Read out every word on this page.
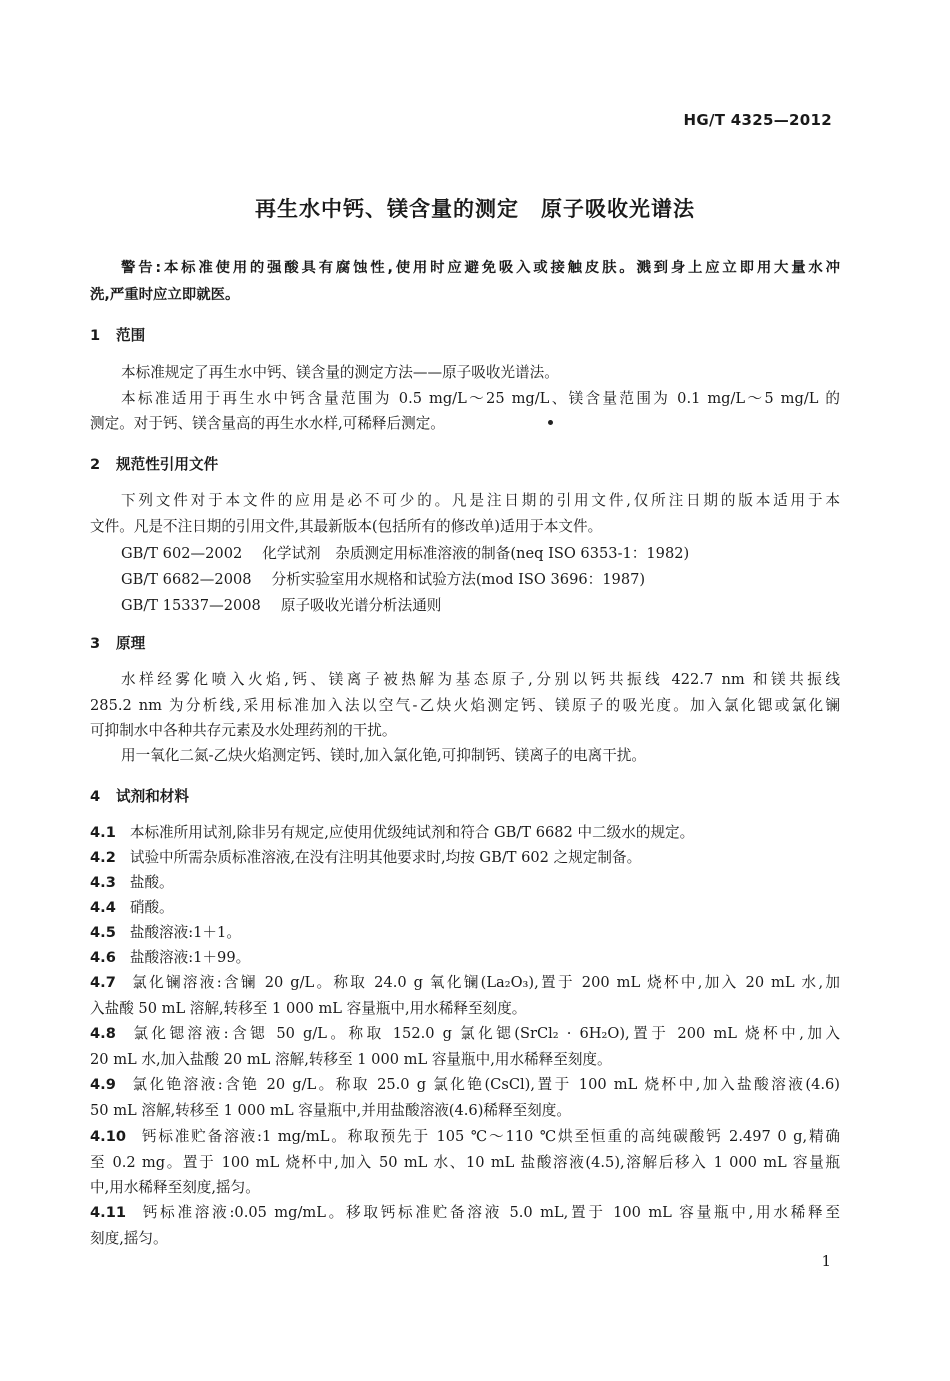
HG/T 4325—2012
再生水中钙、镁含量的测定　原子吸收光谱法
警告:本标准使用的强酸具有腐蚀性,使用时应避免吸入或接触皮肤。溅到身上应立即用大量水冲
洗,严重时应立即就医。
1 范围
本标准规定了再生水中钙、镁含量的测定方法——原子吸收光谱法。
本标准适用于再生水中钙含量范围为 0.5 mg/L～25 mg/L、镁含量范围为 0.1 mg/L～5 mg/L 的
测定。对于钙、镁含量高的再生水水样,可稀释后测定。
2 规范性引用文件
下列文件对于本文件的应用是必不可少的。凡是注日期的引用文件,仅所注日期的版本适用于本
文件。凡是不注日期的引用文件,其最新版本(包括所有的修改单)适用于本文件。
GB/T 602—2002 化学试剂　杂质测定用标准溶液的制备(neq ISO 6353-1：1982)
GB/T 6682—2008 分析实验室用水规格和试验方法(mod ISO 3696：1987)
GB/T 15337—2008 原子吸收光谱分析法通则
3 原理
水样经雾化喷入火焰,钙、镁离子被热解为基态原子,分别以钙共振线 422.7 nm 和镁共振线
285.2 nm 为分析线,采用标准加入法以空气-乙炔火焰测定钙、镁原子的吸光度。加入氯化锶或氯化镧
可抑制水中各种共存元素及水处理药剂的干扰。
用一氧化二氮-乙炔火焰测定钙、镁时,加入氯化铯,可抑制钙、镁离子的电离干扰。
4 试剂和材料
4.1 本标准所用试剂,除非另有规定,应使用优级纯试剂和符合 GB/T 6682 中二级水的规定。
4.2 试验中所需杂质标准溶液,在没有注明其他要求时,均按 GB/T 602 之规定制备。
4.3 盐酸。
4.4 硝酸。
4.5 盐酸溶液:1＋1。
4.6 盐酸溶液:1＋99。
4.7 氯化镧溶液:含镧 20 g/L。称取 24.0 g 氧化镧(La₂O₃),置于 200 mL 烧杯中,加入 20 mL 水,加
入盐酸 50 mL 溶解,转移至 1 000 mL 容量瓶中,用水稀释至刻度。
4.8 氯化锶溶液:含锶 50 g/L。称取 152.0 g 氯化锶(SrCl₂ · 6H₂O),置于 200 mL 烧杯中,加入
20 mL 水,加入盐酸 20 mL 溶解,转移至 1 000 mL 容量瓶中,用水稀释至刻度。
4.9 氯化铯溶液:含铯 20 g/L。称取 25.0 g 氯化铯(CsCl),置于 100 mL 烧杯中,加入盐酸溶液(4.6)
50 mL 溶解,转移至 1 000 mL 容量瓶中,并用盐酸溶液(4.6)稀释至刻度。
4.10 钙标准贮备溶液:1 mg/mL。称取预先于 105 ℃～110 ℃烘至恒重的高纯碳酸钙 2.497 0 g,精确
至 0.2 mg。置于 100 mL 烧杯中,加入 50 mL 水、10 mL 盐酸溶液(4.5),溶解后移入 1 000 mL 容量瓶
中,用水稀释至刻度,摇匀。
4.11 钙标准溶液:0.05 mg/mL。移取钙标准贮备溶液 5.0 mL,置于 100 mL 容量瓶中,用水稀释至
刻度,摇匀。
1
